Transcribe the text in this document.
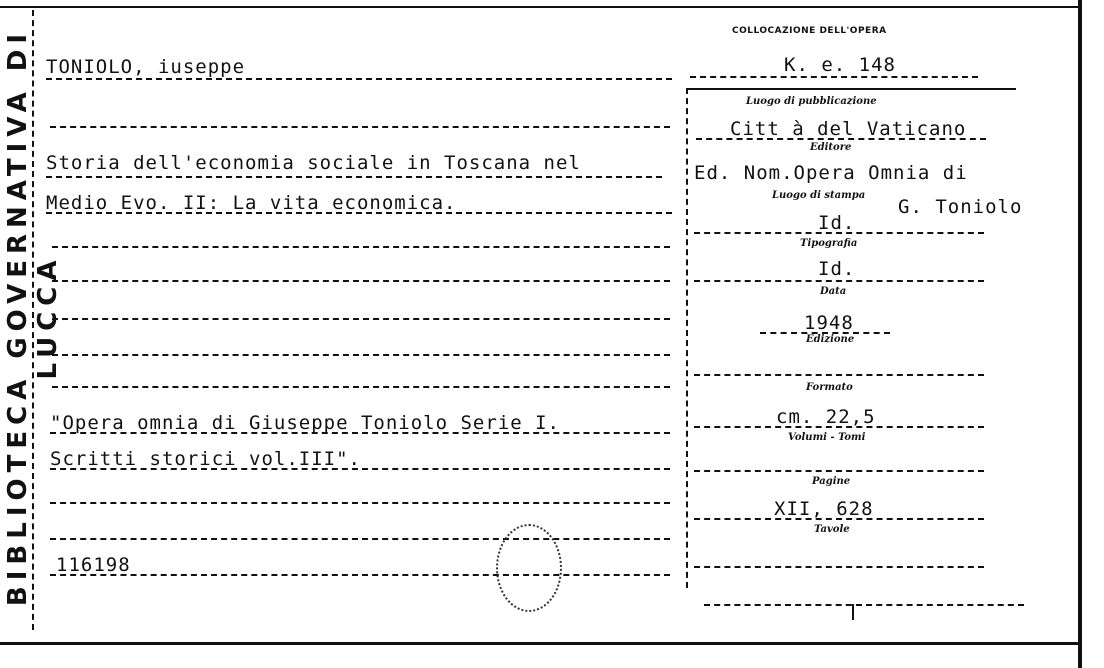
BIBLIOTECA GOVERNATIVA DI LUCCA
COLLOCAZIONE DELL'OPERA
K. e. 148
TONIOLO, iuseppe
Storia dell'economia sociale in Toscana nel
Medio Evo. II: La vita economica.
"Opera omnia di Giuseppe Toniolo Serie I.
Scritti storici vol.III".
116198
Luogo di pubblicazione
Citt à del Vaticano
Editore
Ed. Nom.Opera Omnia di
Luogo di stampa
G. Toniolo
Id.
Tipografia
Id.
Data
1948
Edizione
Formato
cm. 22,5
Volumi - Tomi
Pagine
XII, 628
Tavole
